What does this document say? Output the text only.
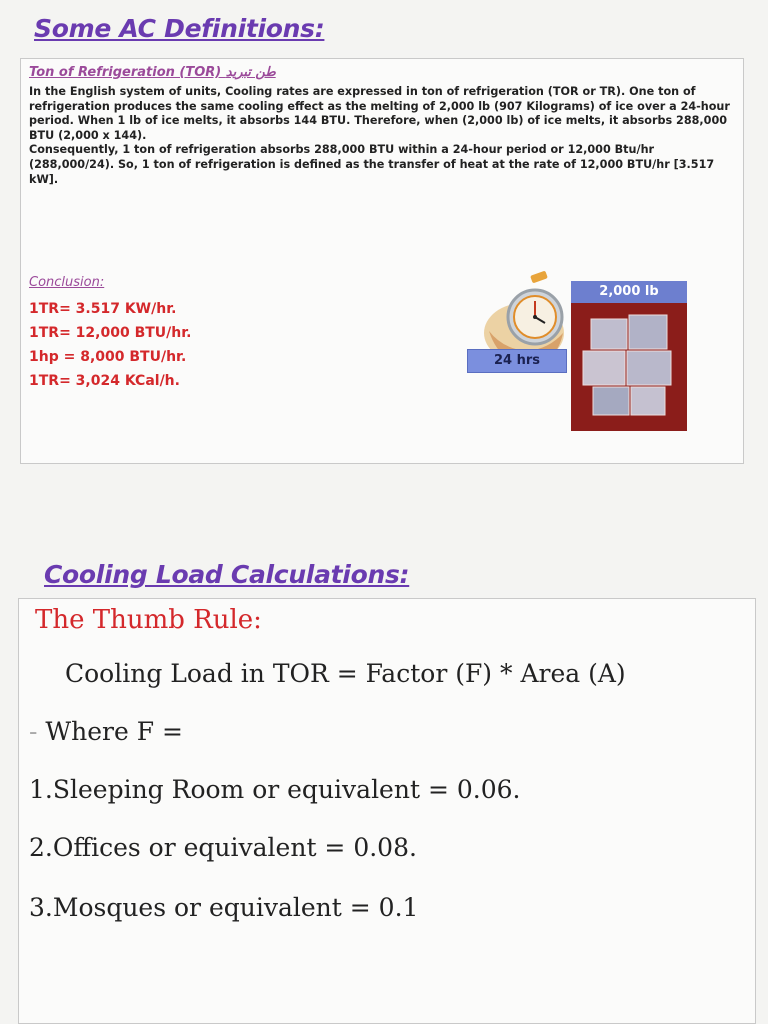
Some AC Definitions:
Ton of Refrigeration (TOR) طن تبريد

In the English system of units, Cooling rates are expressed in ton of refrigeration (TOR or TR). One ton of refrigeration produces the same cooling effect as the melting of 2,000 lb (907 Kilograms) of ice over a 24-hour period. When 1 lb of ice melts, it absorbs 144 BTU. Therefore, when (2,000 lb) of ice melts, it absorbs 288,000 BTU (2,000 x 144).

Consequently, 1 ton of refrigeration absorbs 288,000 BTU within a 24-hour period or 12,000 Btu/hr (288,000/24). So, 1 ton of refrigeration is defined as the transfer of heat at the rate of 12,000 BTU/hr [3.517 kW].

Conclusion:
1TR= 3.517 KW/hr.
1TR= 12,000 BTU/hr.
1hp = 8,000 BTU/hr.
1TR= 3,024 KCal/h.
24 hrs
2,000 lb
Cooling Load Calculations:
The Thumb Rule:
Cooling Load in TOR = Factor (F) * Area (A)
- Where F =
1.Sleeping Room or equivalent = 0.06.
2.Offices or equivalent = 0.08.
3.Mosques or equivalent = 0.1
